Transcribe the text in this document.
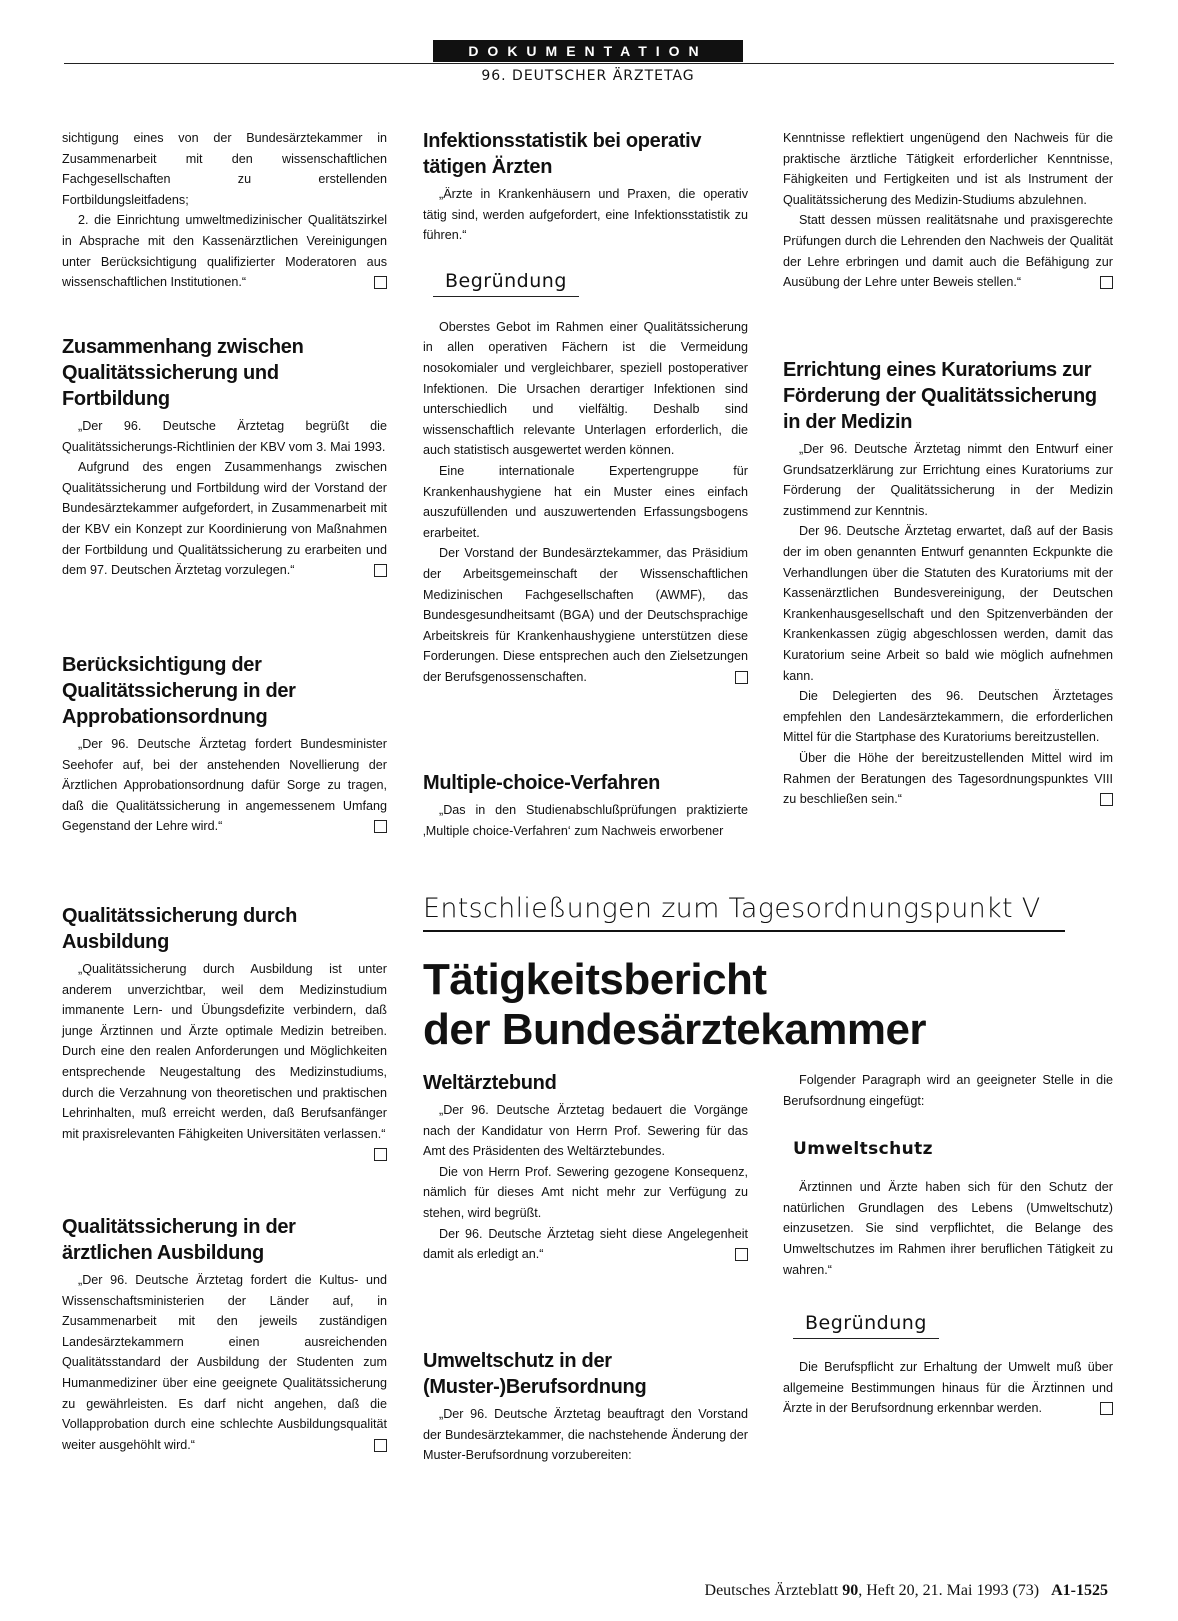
DOKUMENTATION
96. DEUTSCHER ÄRZTETAG

sichtigung eines von der Bundesärztekammer in Zusammenarbeit mit den wissenschaftlichen Fachgesellschaften zu erstellenden Fortbildungsleitfadens;

2. die Einrichtung umweltmedizinischer Qualitätszirkel in Absprache mit den Kassenärztlichen Vereinigungen unter Berücksichtigung qualifizierter Moderatoren aus wissenschaftlichen Institutionen.“

Zusammenhang zwischen Qualitätssicherung und Fortbildung

„Der 96. Deutsche Ärztetag begrüßt die Qualitätssicherungs-Richtlinien der KBV vom 3. Mai 1993.

Aufgrund des engen Zusammenhangs zwischen Qualitätssicherung und Fortbildung wird der Vorstand der Bundesärztekammer aufgefordert, in Zusammenarbeit mit der KBV ein Konzept zur Koordinierung von Maßnahmen der Fortbildung und Qualitätssicherung zu erarbeiten und dem 97. Deutschen Ärztetag vorzulegen.“

Berücksichtigung der Qualitätssicherung in der Approbationsordnung

„Der 96. Deutsche Ärztetag fordert Bundesminister Seehofer auf, bei der anstehenden Novellierung der Ärztlichen Approbationsordnung dafür Sorge zu tragen, daß die Qualitätssicherung in angemessenem Umfang Gegenstand der Lehre wird.“

Qualitätssicherung durch Ausbildung

„Qualitätssicherung durch Ausbildung ist unter anderem unverzichtbar, weil dem Medizinstudium immanente Lern- und Übungsdefizite verbindern, daß junge Ärztinnen und Ärzte optimale Medizin betreiben. Durch eine den realen Anforderungen und Möglichkeiten entsprechende Neugestaltung des Medizinstudiums, durch die Verzahnung von theoretischen und praktischen Lehrinhalten, muß erreicht werden, daß Berufsanfänger mit praxisrelevanten Fähigkeiten Universitäten verlassen.“

Qualitätssicherung in der ärztlichen Ausbildung

„Der 96. Deutsche Ärztetag fordert die Kultus- und Wissenschaftsministerien der Länder auf, in Zusammenarbeit mit den jeweils zuständigen Landesärztekammern einen ausreichenden Qualitätsstandard der Ausbildung der Studenten zum Humanmediziner über eine geeignete Qualitätssicherung zu gewährleisten. Es darf nicht angehen, daß die Vollapprobation durch eine schlechte Ausbildungsqualität weiter ausgehöhlt wird.“

Infektionsstatistik bei operativ tätigen Ärzten

„Ärzte in Krankenhäusern und Praxen, die operativ tätig sind, werden aufgefordert, eine Infektionsstatistik zu führen.“

Begründung

Oberstes Gebot im Rahmen einer Qualitätssicherung in allen operativen Fächern ist die Vermeidung nosokomialer und vergleichbarer, speziell postoperativer Infektionen. Die Ursachen derartiger Infektionen sind unterschiedlich und vielfältig. Deshalb sind wissenschaftlich relevante Unterlagen erforderlich, die auch statistisch ausgewertet werden können.

Eine internationale Expertengruppe für Krankenhaushygiene hat ein Muster eines einfach auszufüllenden und auszuwertenden Erfassungsbogens erarbeitet.

Der Vorstand der Bundesärztekammer, das Präsidium der Arbeitsgemeinschaft der Wissenschaftlichen Medizinischen Fachgesellschaften (AWMF), das Bundesgesundheitsamt (BGA) und der Deutschsprachige Arbeitskreis für Krankenhaushygiene unterstützen diese Forderungen. Diese entsprechen auch den Zielsetzungen der Berufsgenossenschaften.

Multiple-choice-Verfahren

„Das in den Studienabschlußprüfungen praktizierte ‚Multiple choice-Verfahren‘ zum Nachweis erworbener

Kenntnisse reflektiert ungenügend den Nachweis für die praktische ärztliche Tätigkeit erforderlicher Kenntnisse, Fähigkeiten und Fertigkeiten und ist als Instrument der Qualitätssicherung des Medizin-Studiums abzulehnen.

Statt dessen müssen realitätsnahe und praxisgerechte Prüfungen durch die Lehrenden den Nachweis der Qualität der Lehre erbringen und damit auch die Befähigung zur Ausübung der Lehre unter Beweis stellen.“

Errichtung eines Kuratoriums zur Förderung der Qualitätssicherung in der Medizin

„Der 96. Deutsche Ärztetag nimmt den Entwurf einer Grundsatzerklärung zur Errichtung eines Kuratoriums zur Förderung der Qualitätssicherung in der Medizin zustimmend zur Kenntnis.

Der 96. Deutsche Ärztetag erwartet, daß auf der Basis der im oben genannten Entwurf genannten Eckpunkte die Verhandlungen über die Statuten des Kuratoriums mit der Kassenärztlichen Bundesvereinigung, der Deutschen Krankenhausgesellschaft und den Spitzenverbänden der Krankenkassen zügig abgeschlossen werden, damit das Kuratorium seine Arbeit so bald wie möglich aufnehmen kann.

Die Delegierten des 96. Deutschen Ärztetages empfehlen den Landesärztekammern, die erforderlichen Mittel für die Startphase des Kuratoriums bereitzustellen.

Über die Höhe der bereitzustellenden Mittel wird im Rahmen der Beratungen des Tagesordnungspunktes VIII zu beschließen sein.“

Entschließungen zum Tagesordnungspunkt V
Tätigkeitsbericht
der Bundesärztekammer
Weltärztebund

„Der 96. Deutsche Ärztetag bedauert die Vorgänge nach der Kandidatur von Herrn Prof. Sewering für das Amt des Präsidenten des Weltärztebundes.

Die von Herrn Prof. Sewering gezogene Konsequenz, nämlich für dieses Amt nicht mehr zur Verfügung zu stehen, wird begrüßt.

Der 96. Deutsche Ärztetag sieht diese Angelegenheit damit als erledigt an.“

Umweltschutz in der (Muster-)Berufsordnung

„Der 96. Deutsche Ärztetag beauftragt den Vorstand der Bundesärztekammer, die nachstehende Änderung der Muster-Berufsordnung vorzubereiten:

Folgender Paragraph wird an geeigneter Stelle in die Berufsordnung eingefügt:

Umweltschutz

Ärztinnen und Ärzte haben sich für den Schutz der natürlichen Grundlagen des Lebens (Umweltschutz) einzusetzen. Sie sind verpflichtet, die Belange des Umweltschutzes im Rahmen ihrer beruflichen Tätigkeit zu wahren.“

Begründung

Die Berufspflicht zur Erhaltung der Umwelt muß über allgemeine Bestimmungen hinaus für die Ärztinnen und Ärzte in der Berufsordnung erkennbar werden.

Deutsches Ärzteblatt 90, Heft 20, 21. Mai 1993 (73) A1-1525
